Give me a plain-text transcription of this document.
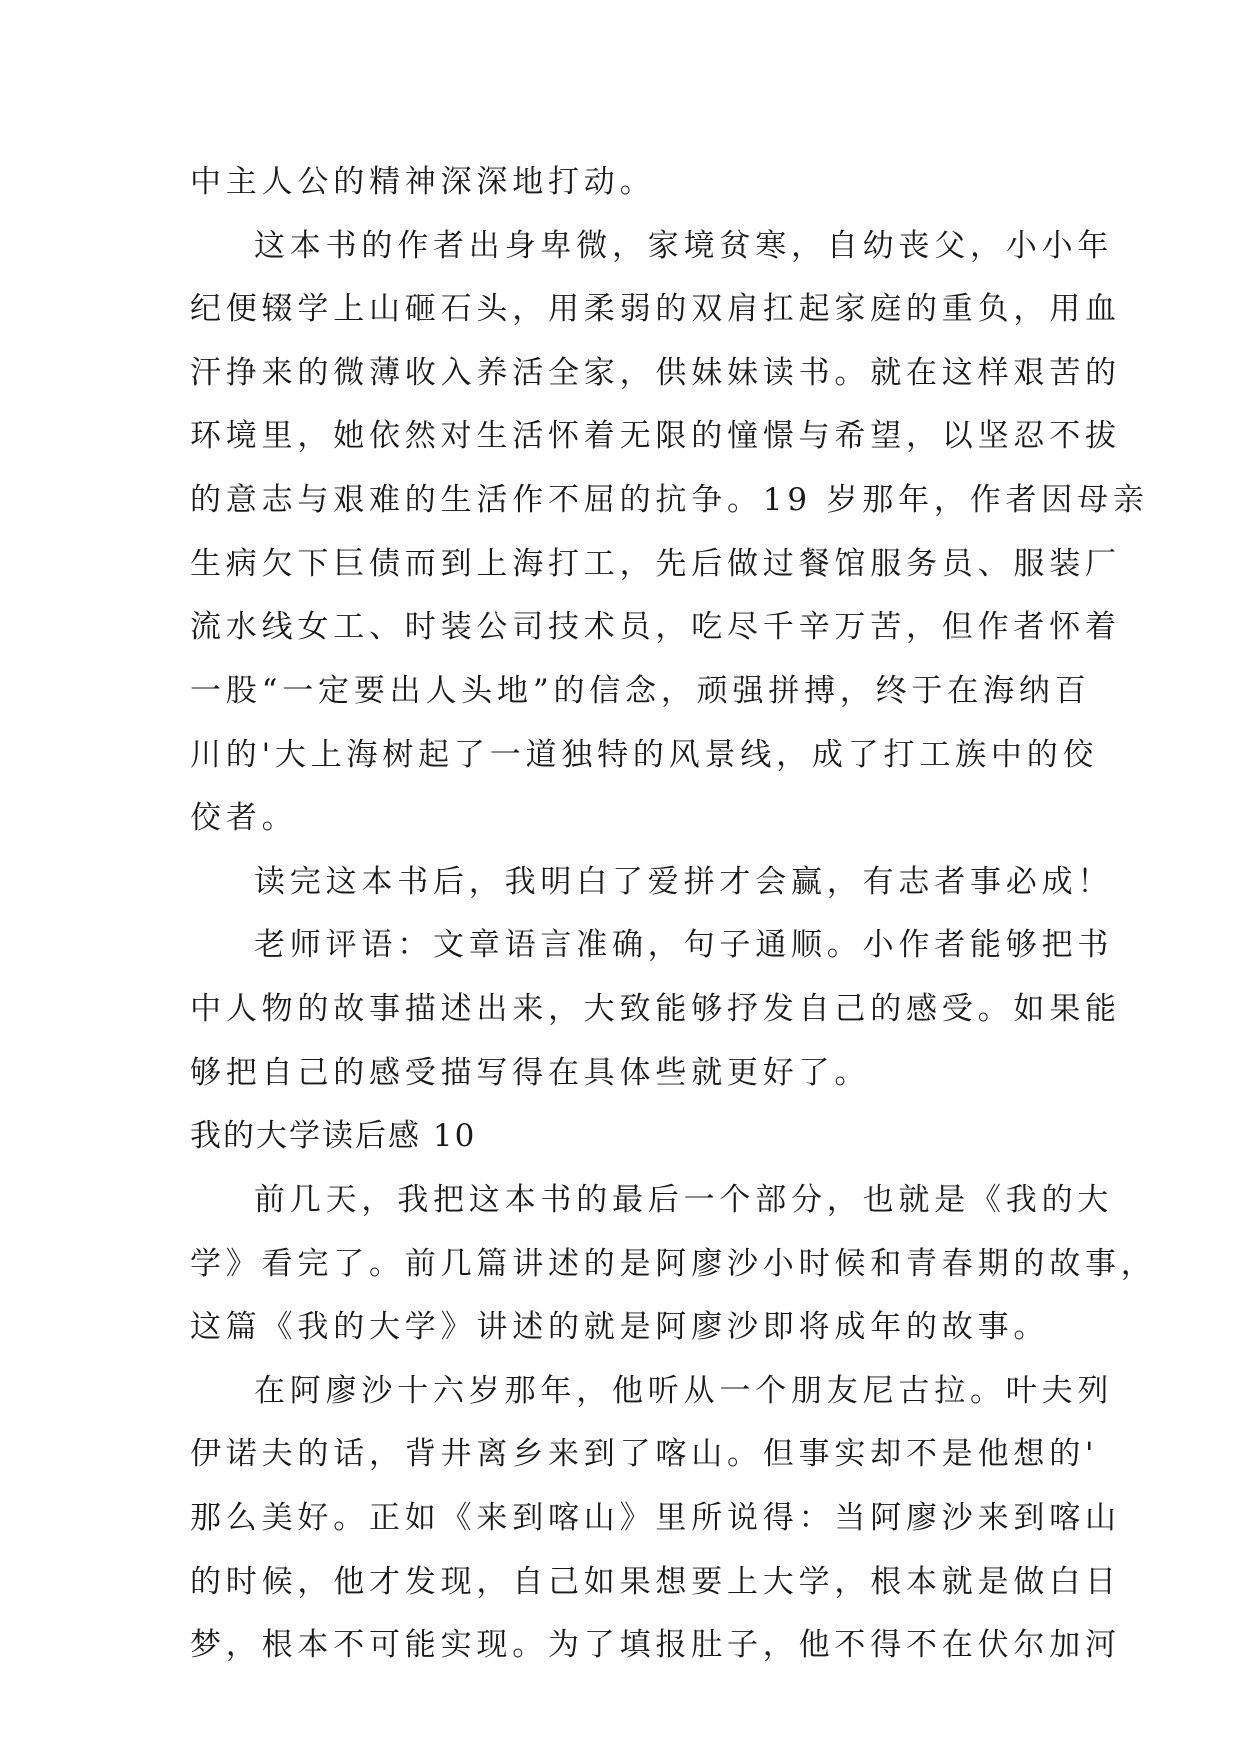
中主人公的精神深深地打动。
这本书的作者出身卑微，家境贫寒，自幼丧父，小小年
纪便辍学上山砸石头，用柔弱的双肩扛起家庭的重负，用血
汗挣来的微薄收入养活全家，供妹妹读书。就在这样艰苦的
环境里，她依然对生活怀着无限的憧憬与希望，以坚忍不拔
的意志与艰难的生活作不屈的抗争。19 岁那年，作者因母亲
生病欠下巨债而到上海打工，先后做过餐馆服务员、服装厂
流水线女工、时装公司技术员，吃尽千辛万苦，但作者怀着
一股“一定要出人头地”的信念，顽强拼搏，终于在海纳百
川的'大上海树起了一道独特的风景线，成了打工族中的佼
佼者。
读完这本书后，我明白了爱拼才会赢，有志者事必成！
老师评语：文章语言准确，句子通顺。小作者能够把书
中人物的故事描述出来，大致能够抒发自己的感受。如果能
够把自己的感受描写得在具体些就更好了。
我的大学读后感 10
前几天，我把这本书的最后一个部分，也就是《我的大
学》看完了。前几篇讲述的是阿廖沙小时候和青春期的故事，
这篇《我的大学》讲述的就是阿廖沙即将成年的故事。
在阿廖沙十六岁那年，他听从一个朋友尼古拉。叶夫列
伊诺夫的话，背井离乡来到了喀山。但事实却不是他想的'
那么美好。正如《来到喀山》里所说得：当阿廖沙来到喀山
的时候，他才发现，自己如果想要上大学，根本就是做白日
梦，根本不可能实现。为了填报肚子，他不得不在伏尔加河
